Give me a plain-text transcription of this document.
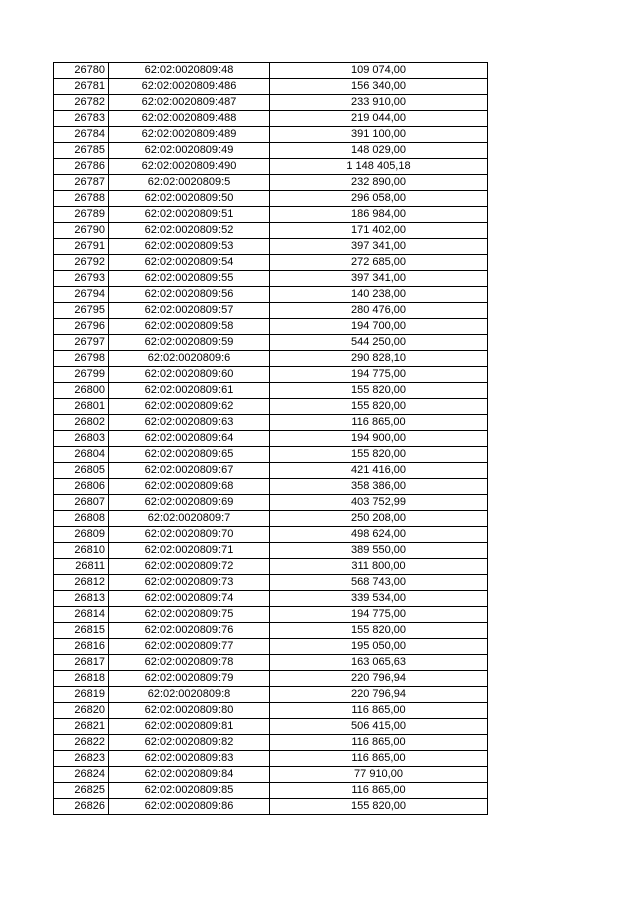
26780	62:02:0020809:48	109 074,00
26781	62:02:0020809:486	156 340,00
26782	62:02:0020809:487	233 910,00
26783	62:02:0020809:488	219 044,00
26784	62:02:0020809:489	391 100,00
26785	62:02:0020809:49	148 029,00
26786	62:02:0020809:490	1 148 405,18
26787	62:02:0020809:5	232 890,00
26788	62:02:0020809:50	296 058,00
26789	62:02:0020809:51	186 984,00
26790	62:02:0020809:52	171 402,00
26791	62:02:0020809:53	397 341,00
26792	62:02:0020809:54	272 685,00
26793	62:02:0020809:55	397 341,00
26794	62:02:0020809:56	140 238,00
26795	62:02:0020809:57	280 476,00
26796	62:02:0020809:58	194 700,00
26797	62:02:0020809:59	544 250,00
26798	62:02:0020809:6	290 828,10
26799	62:02:0020809:60	194 775,00
26800	62:02:0020809:61	155 820,00
26801	62:02:0020809:62	155 820,00
26802	62:02:0020809:63	116 865,00
26803	62:02:0020809:64	194 900,00
26804	62:02:0020809:65	155 820,00
26805	62:02:0020809:67	421 416,00
26806	62:02:0020809:68	358 386,00
26807	62:02:0020809:69	403 752,99
26808	62:02:0020809:7	250 208,00
26809	62:02:0020809:70	498 624,00
26810	62:02:0020809:71	389 550,00
26811	62:02:0020809:72	311 800,00
26812	62:02:0020809:73	568 743,00
26813	62:02:0020809:74	339 534,00
26814	62:02:0020809:75	194 775,00
26815	62:02:0020809:76	155 820,00
26816	62:02:0020809:77	195 050,00
26817	62:02:0020809:78	163 065,63
26818	62:02:0020809:79	220 796,94
26819	62:02:0020809:8	220 796,94
26820	62:02:0020809:80	116 865,00
26821	62:02:0020809:81	506 415,00
26822	62:02:0020809:82	116 865,00
26823	62:02:0020809:83	116 865,00
26824	62:02:0020809:84	77 910,00
26825	62:02:0020809:85	116 865,00
26826	62:02:0020809:86	155 820,00
